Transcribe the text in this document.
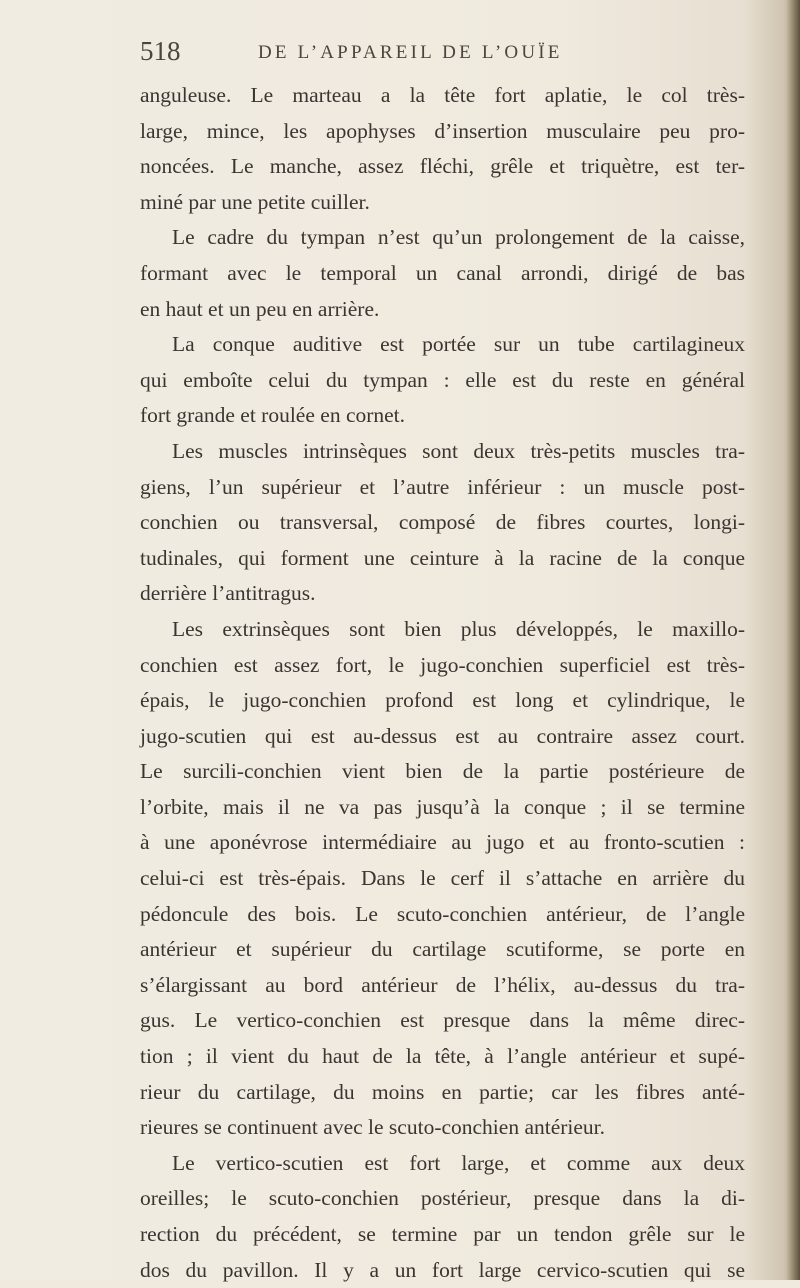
518	DE L’APPAREIL DE L’OUÏE
anguleuse. Le marteau a la tête fort aplatie, le col très-
large, mince, les apophyses d’insertion musculaire peu pro-
noncées. Le manche, assez fléchi, grêle et triquètre, est ter-
miné par une petite cuiller.
Le cadre du tympan n’est qu’un prolongement de la caisse,
formant avec le temporal un canal arrondi, dirigé de bas
en haut et un peu en arrière.
La conque auditive est portée sur un tube cartilagineux
qui emboîte celui du tympan : elle est du reste en général
fort grande et roulée en cornet.
Les muscles intrinsèques sont deux très-petits muscles tra-
giens, l’un supérieur et l’autre inférieur : un muscle post-
conchien ou transversal, composé de fibres courtes, longi-
tudinales, qui forment une ceinture à la racine de la conque
derrière l’antitragus.
Les extrinsèques sont bien plus développés, le maxillo-
conchien est assez fort, le jugo-conchien superficiel est très-
épais, le jugo-conchien profond est long et cylindrique, le
jugo-scutien qui est au-dessus est au contraire assez court.
Le surcili-conchien vient bien de la partie postérieure de
l’orbite, mais il ne va pas jusqu’à la conque ; il se termine
à une aponévrose intermédiaire au jugo et au fronto-scutien :
celui-ci est très-épais. Dans le cerf il s’attache en arrière du
pédoncule des bois. Le scuto-conchien antérieur, de l’angle
antérieur et supérieur du cartilage scutiforme, se porte en
s’élargissant au bord antérieur de l’hélix, au-dessus du tra-
gus. Le vertico-conchien est presque dans la même direc-
tion ; il vient du haut de la tête, à l’angle antérieur et supé-
rieur du cartilage, du moins en partie; car les fibres anté-
rieures se continuent avec le scuto-conchien antérieur.
Le vertico-scutien est fort large, et comme aux deux
oreilles; le scuto-conchien postérieur, presque dans la di-
rection du précédent, se termine par un tendon grêle sur le
dos du pavillon. Il y a un fort large cervico-scutien qui se
